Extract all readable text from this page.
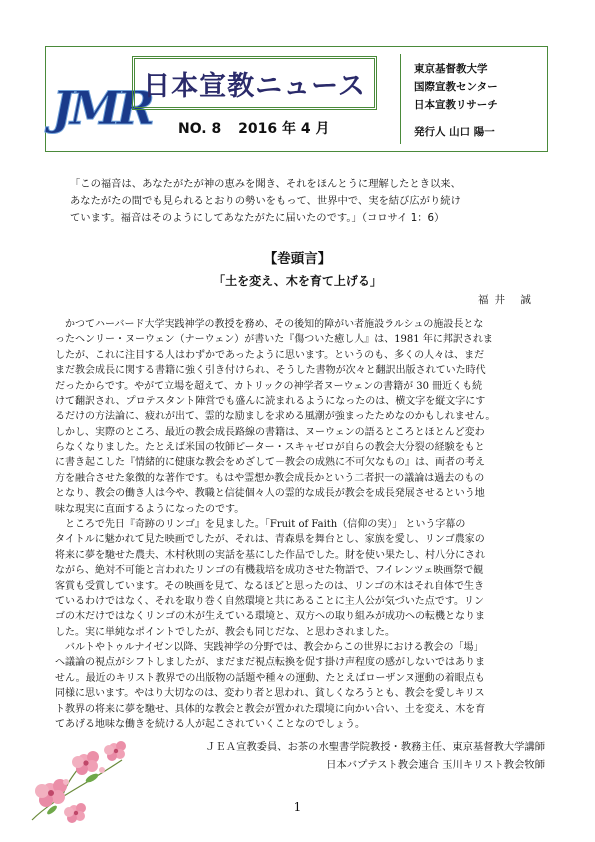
JMR
日本宣教ニュース
NO. 8 2016 年 4 月
東京基督教大学
国際宣教センター
日本宣教リサーチ
発行人 山口 陽一
「この福音は、あなたがたが神の恵みを聞き、それをほんとうに理解したとき以来、
あなたがたの間でも見られるとおりの勢いをもって、世界中で、実を結び広がり続け
ています。福音はそのようにしてあなたがたに届いたのです。」（コロサイ 1：6）
【巻頭言】
「土を変え、木を育て上げる」
福井 誠
　かつてハーバード大学実践神学の教授を務め、その後知的障がい者施設ラルシュの施設長とな
ったヘンリー・ヌーウェン（ナーウェン）が書いた『傷ついた癒し人』は、1981 年に邦訳されま
したが、これに注目する人はわずかであったように思います。というのも、多くの人々は、まだ
まだ教会成長に関する書籍に強く引き付けられ、そうした書物が次々と翻訳出版されていた時代
だったからです。やがて立場を超えて、カトリックの神学者ヌーウェンの書籍が 30 冊近くも続
けて翻訳され、プロテスタント陣営でも盛んに読まれるようになったのは、横文字を縦文字にす
るだけの方法論に、疲れが出て、霊的な励ましを求める風潮が強まったためなのかもしれません。
しかし、実際のところ、最近の教会成長路線の書籍は、ヌーウェンの語るところとほとんど変わ
らなくなりました。たとえば米国の牧師ピーター・スキャゼロが自らの教会大分裂の経験をもと
に書き起こした『情緒的に健康な教会をめざして－教会の成熟に不可欠なもの』は、両者の考え
方を融合させた象徴的な著作です。もはや霊想か教会成長かという二者択一の議論は過去のもの
となり、教会の働き人は今や、教職と信徒個々人の霊的な成長が教会を成長発展させるという地
味な現実に直面するようになったのです。
　ところで先日『奇跡のリンゴ』を見ました。「Fruit of Faith（信仰の実）」 という字幕の
タイトルに魅かれて見た映画でしたが、それは、青森県を舞台とし、家族を愛し、リンゴ農家の
将来に夢を馳せた農夫、木村秋則の実話を基にした作品でした。財を使い果たし、村八分にされ
ながら、絶対不可能と言われたリンゴの有機栽培を成功させた物語で、フイレンツェ映画祭で観
客賞も受賞しています。その映画を見て、なるほどと思ったのは、リンゴの木はそれ自体で生き
ているわけではなく、それを取り巻く自然環境と共にあることに主人公が気づいた点です。リン
ゴの木だけではなくリンゴの木が生えている環境と、双方への取り組みが成功への転機となりま
した。実に単純なポイントでしたが、教会も同じだな、と思わされました。
　バルトやトゥルナイゼン以降、実践神学の分野では、教会からこの世界における教会の「場」
へ議論の視点がシフトしましたが、まだまだ視点転換を促す掛け声程度の感がしないではありま
ＪＥＡ宣教委員、お茶の水聖書学院教授・教務主任、東京基督教大学講師
日本バプテスト教会連合 玉川キリスト教会牧師
1
せん。最近のキリスト教界での出版物の話題や種々の運動、たとえばローザンヌ運動の着眼点も
同様に思います。やはり大切なのは、変わり者と思われ、貧しくなろうとも、教会を愛しキリス
ト教界の将来に夢を馳せ、具体的な教会と教会が置かれた環境に向かい合い、土を変え、木を育
てあげる地味な働きを続ける人が起こされていくことなのでしょう。
